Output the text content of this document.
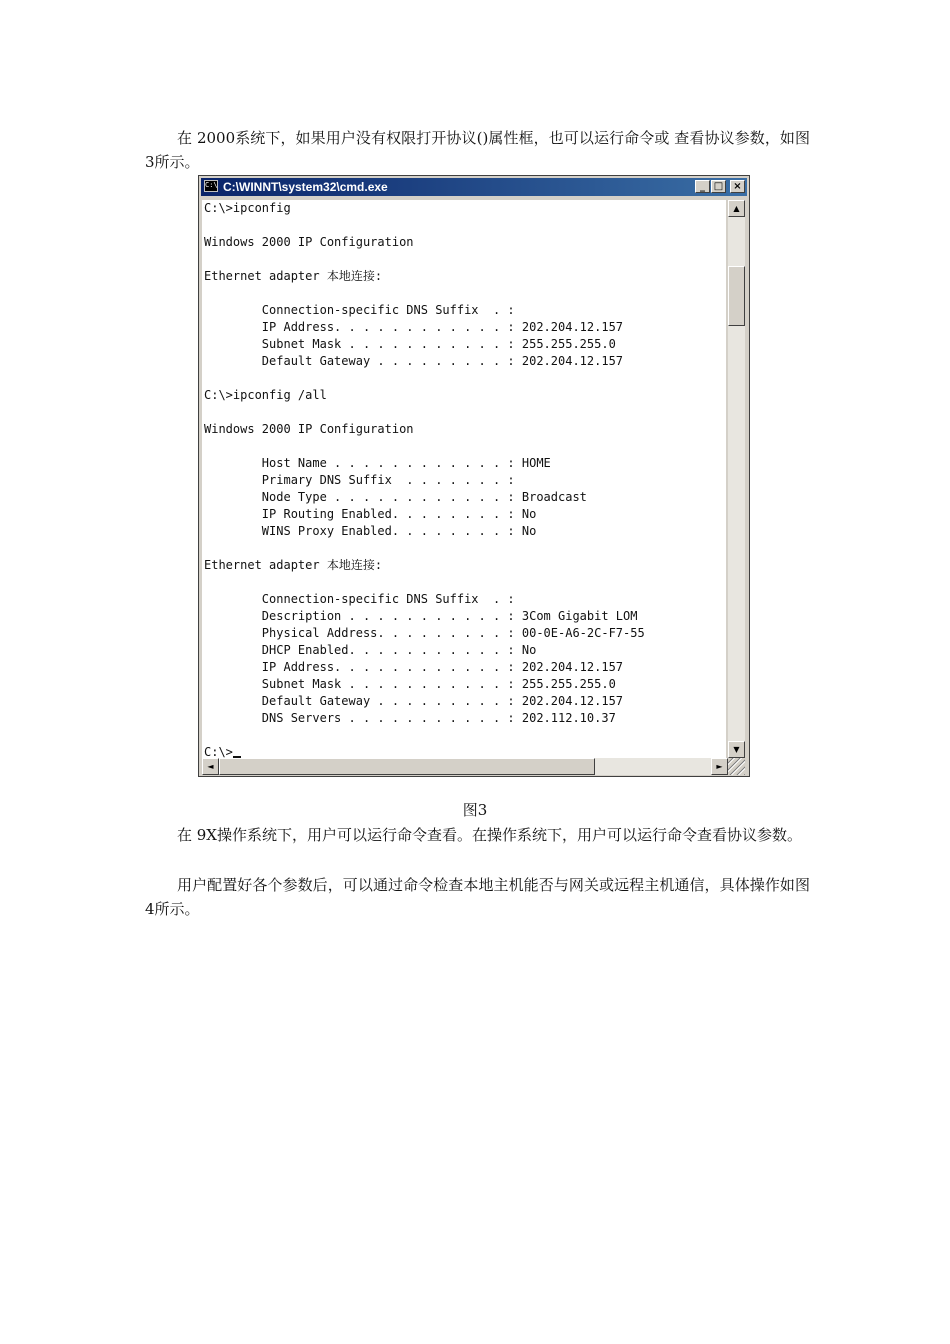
在 2000系统下，如果用户没有权限打开协议()属性框，也可以运行命令或 查看协议参数，如图3所示。

C:\ C:\WINNT\system32\cmd.exe	_ □	×
C:\>ipconfig
Windows 2000 IP Configuration
Ethernet adapter 本地连接:
Connection-specific DNS Suffix  . :
IP Address. . . . . . . . . . . . : 202.204.12.157
Subnet Mask . . . . . . . . . . . : 255.255.255.0
Default Gateway . . . . . . . . . : 202.204.12.157
C:\>ipconfig /all
Windows 2000 IP Configuration
Host Name . . . . . . . . . . . . : HOME
Primary DNS Suffix  . . . . . . . :
Node Type . . . . . . . . . . . . : Broadcast
IP Routing Enabled. . . . . . . . : No
WINS Proxy Enabled. . . . . . . . : No
Ethernet adapter 本地连接:
Connection-specific DNS Suffix  . :
Description . . . . . . . . . . . : 3Com Gigabit LOM
Physical Address. . . . . . . . . : 00-0E-A6-2C-F7-55
DHCP Enabled. . . . . . . . . . . : No
IP Address. . . . . . . . . . . . : 202.204.12.157
Subnet Mask . . . . . . . . . . . : 255.255.255.0
Default Gateway . . . . . . . . . : 202.204.12.157
DNS Servers . . . . . . . . . . . : 202.112.10.37
C:\>
▲
▼
◄	►
图3

在 9X操作系统下，用户可以运行命令查看。在操作系统下，用户可以运行命令查看协议参数。

用户配置好各个参数后，可以通过命令检查本地主机能否与网关或远程主机通信，具体操作如图4所示。
